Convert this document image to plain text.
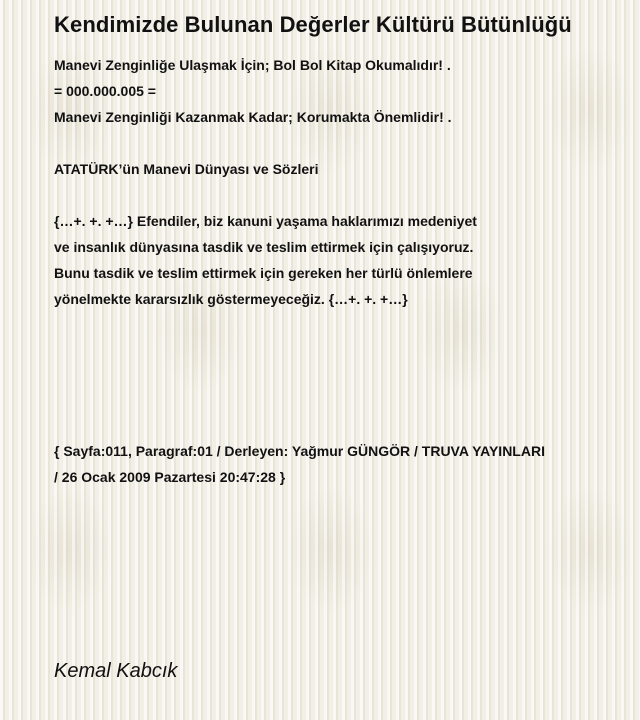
Kendimizde Bulunan Değerler Kültürü Bütünlüğü
Manevi Zenginliğe Ulaşmak İçin; Bol Bol Kitap Okumalıdır! .
= 000.000.005 =
Manevi Zenginliği Kazanmak Kadar; Korumakta Önemlidir! .
ATATÜRK’ün Manevi Dünyası ve Sözleri
{…+. +. +…} Efendiler, biz kanuni yaşama haklarımızı medeniyet
ve insanlık dünyasına tasdik ve teslim ettirmek için çalışıyoruz.
Bunu tasdik ve teslim ettirmek için gereken her türlü önlemlere
yönelmekte kararsızlık göstermeyeceğiz. {…+. +. +…}
{ Sayfa:011, Paragraf:01 / Derleyen: Yağmur GÜNGÖR / TRUVA YAYINLARI
/ 26 Ocak 2009 Pazartesi 20:47:28 }
Kemal Kabcık
